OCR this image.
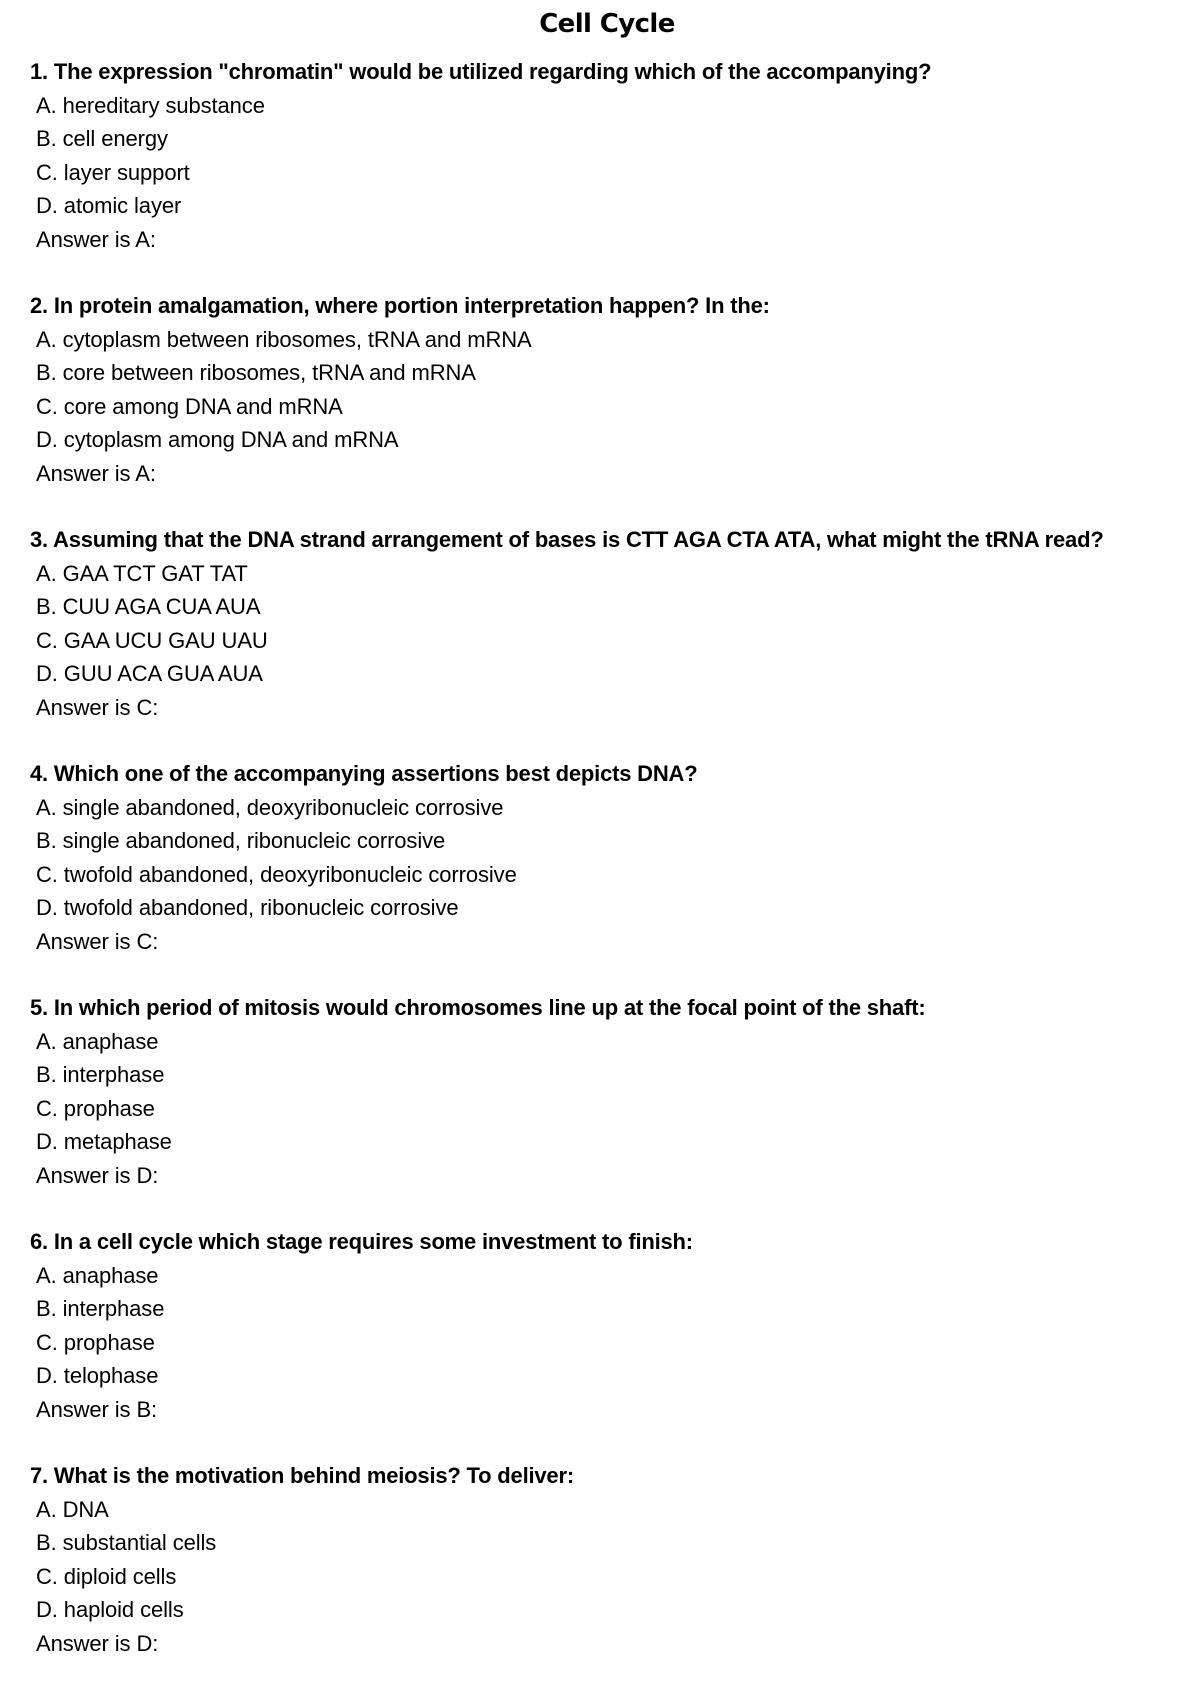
Cell Cycle
1. The expression "chromatin" would be utilized regarding which of the accompanying?
A. hereditary substance
B. cell energy
C. layer support
D. atomic layer
Answer is A:
2. In protein amalgamation, where portion interpretation happen? In the:
A. cytoplasm between ribosomes, tRNA and mRNA
B. core between ribosomes, tRNA and mRNA
C. core among DNA and mRNA
D. cytoplasm among DNA and mRNA
Answer is A:
3. Assuming that the DNA strand arrangement of bases is CTT AGA CTA ATA, what might the tRNA read?
A. GAA TCT GAT TAT
B. CUU AGA CUA AUA
C. GAA UCU GAU UAU
D. GUU ACA GUA AUA
Answer is C:
4. Which one of the accompanying assertions best depicts DNA?
A. single abandoned, deoxyribonucleic corrosive
B. single abandoned, ribonucleic corrosive
C. twofold abandoned, deoxyribonucleic corrosive
D. twofold abandoned, ribonucleic corrosive
Answer is C:
5. In which period of mitosis would chromosomes line up at the focal point of the shaft:
A. anaphase
B. interphase
C. prophase
D. metaphase
Answer is D:
6. In a cell cycle which stage requires some investment to finish:
A. anaphase
B. interphase
C. prophase
D. telophase
Answer is B:
7. What is the motivation behind meiosis? To deliver:
A. DNA
B. substantial cells
C. diploid cells
D. haploid cells
Answer is D:
